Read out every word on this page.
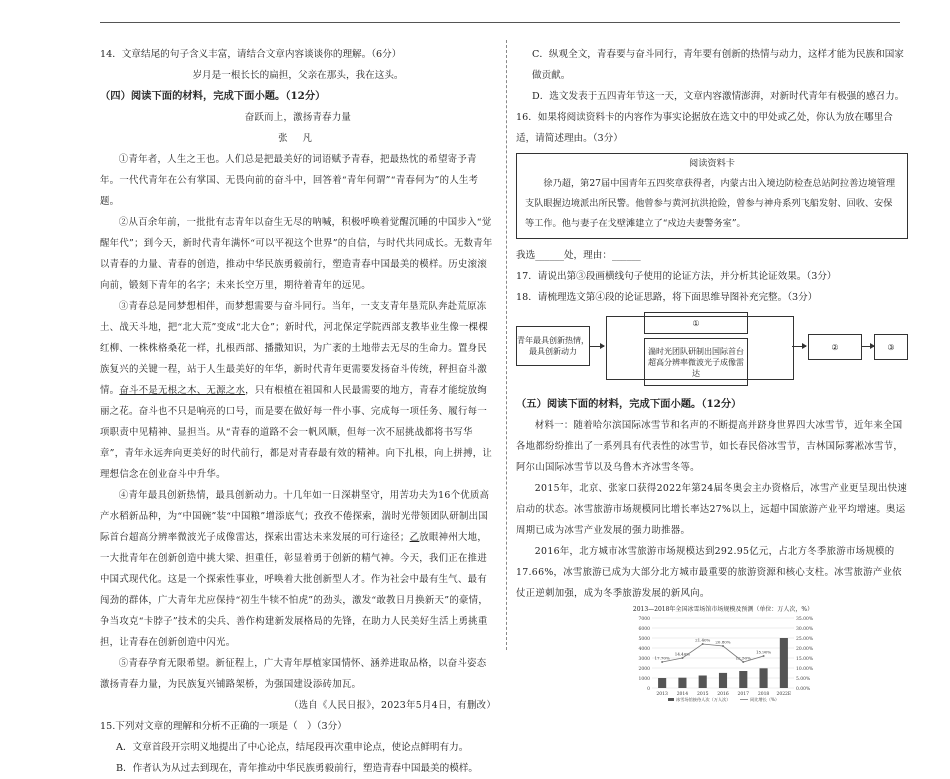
14．文章结尾的句子含义丰富，请结合文章内容谈谈你的理解。（6分）

岁月是一根长长的扁担，父亲在那头，我在这头。

（四）阅读下面的材料，完成下面小题。（12分）

奋跃而上，激扬青春力量

张 凡

①青年者，人生之王也。人们总是把最美好的词语赋予青春，把最热忱的希望寄予青年。一代代青年在公有掌国、无畏向前的奋斗中，回答着“青年何谓”“青春何为”的人生考题。

②从百余年前，一批批有志青年以奋生无尽的呐喊，积极呼唤着觉醒沉睡的中国步入“觉醒年代”；到今天，新时代青年满怀“可以平视这个世界”的自信，与时代共同成长。无数青年以青春的力量、青春的创造，推动中华民族勇毅前行，塑造青春中国最美的模样。历史滚滚向前，锻刻下青年的名字；未来长空万里，期待着青年的远见。

③青春总是同梦想相伴，而梦想需要与奋斗同行。当年，一支支青年垦荒队奔赴荒原冻土、战天斗地，把“北大荒”变成“北大仓”；新时代，河北保定学院西部支教毕业生像一棵棵红柳、一株株格桑花一样，扎根西部、播撒知识，为广袤的土地带去无尽的生命力。置身民族复兴的关键一程，站于人生最美好的年华，新时代青年更需要发扬奋斗传统，秤担奋斗激情。奋斗不是无根之木、无源之水，只有根植在祖国和人民最需要的地方，青春才能绽放绚丽之花。奋斗也不只是响亮的口号，而是要在做好每一件小事、完成每一项任务、履行每一项职责中见精神、显担当。从“青春的道路不会一帆风顺，但每一次不屈挑战都将书写华章”，青年永远奔向更美好的时代前行，都是对青春最有效的精神。向下扎根，向上拼搏，让理想信念在创业奋斗中升华。

④青年最具创新热情，最具创新动力。十几年如一日深耕坚守，用苦功夫为16个优质高产水稻新品种，为“中国碗”装“中国粮”增添底气；孜孜不倦探索，湍时光带领团队研制出国际首台超高分辨率微波光子成像雷达，探索出雷达未来发展的可行途径；乙放眼神州大地，一大批青年在创新创造中挑大梁、担重任，彰显着勇于创新的精气神。今天，我们正在推进中国式现代化。这是一个探索性事业，呼唤着大批创新型人才。作为社会中最有生气、最有闯劲的群体，广大青年尤应保持“初生牛犊不怕虎”的劲头，激发“敢教日月换新天”的豪情，争当攻克“卡脖子”技术的尖兵、善作构建新发展格局的先锋，在助力人民美好生活上勇挑重担，让青春在创新创造中闪光。

⑤青春孕育无限希望。新征程上，广大青年厚植家国情怀、涵养进取品格，以奋斗姿态激扬青春力量，为民族复兴铺路架桥，为强国建设添砖加瓦。

（选自《人民日报》，2023年5月4日，有删改）

15.下列对文章的理解和分析不正确的一项是（　）（3分）

A．文章首段开宗明义地提出了中心论点，结尾段再次重申论点，使论点鲜明有力。

B．作者认为从过去到现在，青年推动中华民族勇毅前行，塑造青春中国最美的模样。

C．纵观全文，青春要与奋斗同行，青年要有创新的热情与动力，这样才能为民族和国家做贡献。

D．选文发表于五四青年节这一天，文章内容激情澎湃，对新时代青年有极强的感召力。

16．如果将阅读资料卡的内容作为事实论据放在选文中的甲处或乙处，你认为放在哪里合适，请简述理由。（3分）

阅读资料卡

徐乃超，第27届中国青年五四奖章获得者，内蒙古出入境边防检查总站阿拉善边境管理支队眼握边境派出所民警。他曾参与黄河抗洪抢险，曾参与神舟系列飞船发射、回收、安保等工作。他与妻子在戈壁滩建立了“戍边夫妻警务室”。

我选______处，理由：______

17．请说出第③段画横线句子使用的论证方法，并分析其论证效果。（3分）

18．请梳理选文第④段的论证思路，将下面思维导图补充完整。（3分）

青年最具创新热情，最具创新动力
①
湍时光团队研制出国际首台超高分辨率微波光子成像雷达
②	③

（五）阅读下面的材料，完成下面小题。（12分）

材料一：随着哈尔滨国际冰雪节和名声的不断提高并跻身世界四大冰雪节，近年来全国各地都纷纷推出了一系列具有代表性的冰雪节，如长春民俗冰雪节，吉林国际雾凇冰雪节，阿尔山国际冰雪节以及乌鲁木齐冰雪冬等。

2015年，北京、张家口获得2022年第24届冬奥会主办资格后，冰雪产业更呈现出快速启动的状态。冰雪旅游市场规模同比增长率达27%以上，远超中国旅游产业平均增速。奥运周期已成为冰雪产业发展的强力助推器。

2016年，北方城市冰雪旅游市场规模达到292.95亿元，占北方冬季旅游市场规模的17.66%，冰雪旅游已成为大部分北方城市最重要的旅游资源和核心支柱。冰雪旅游产业依仗正逆刺加强，成为冬季旅游发展的新风向。

2013—2018年全国冰雪场馆市场规模及预测（单位：万人次，%）
7000	35.00%
6000	30.00%
5000	25.00%
4000	20.00%
3000	15.00%
2000	10.00%
1000	5.00%
0	0.00%
2013 2014 2015 2016 2017 2018 2022E
17.70%
14.40%
21.40% 20.80%
12.50%
15.90%
冰雪场馆接待人次（万人次）	同比增长（%）
